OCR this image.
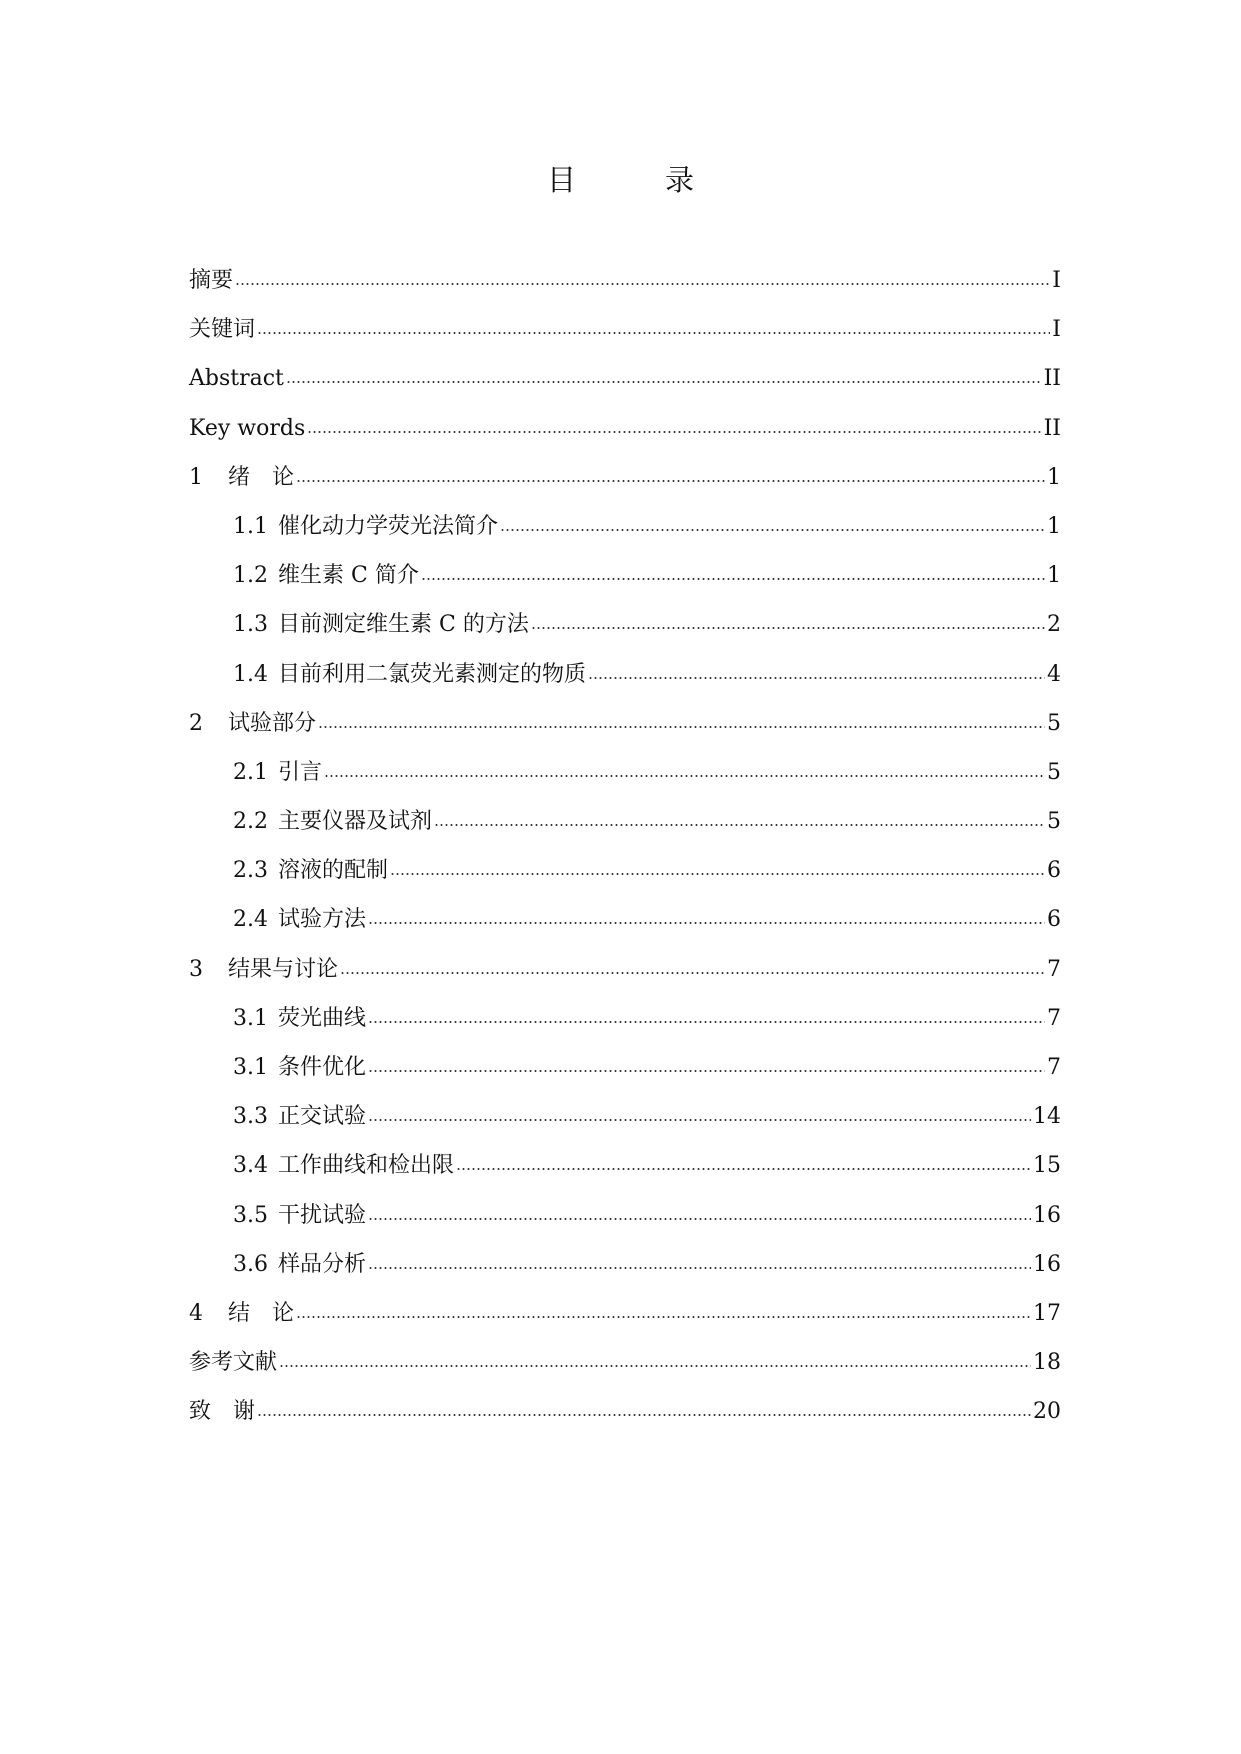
目　录
摘要	I
关键词	I
Abstract	II
Key words	II
1	绪　论	1
1.1 催化动力学荧光法简介	1
1.2 维生素 C 简介	1
1.3 目前测定维生素 C 的方法	2
1.4 目前利用二氯荧光素测定的物质	4
2	试验部分	5
2.1 引言	5
2.2 主要仪器及试剂	5
2.3 溶液的配制	6
2.4 试验方法	6
3	结果与讨论	7
3.1 荧光曲线	7
3.1 条件优化	7
3.3 正交试验	14
3.4 工作曲线和检出限	15
3.5 干扰试验	16
3.6 样品分析	16
4	结　论	17
参考文献	18
致　谢	20
